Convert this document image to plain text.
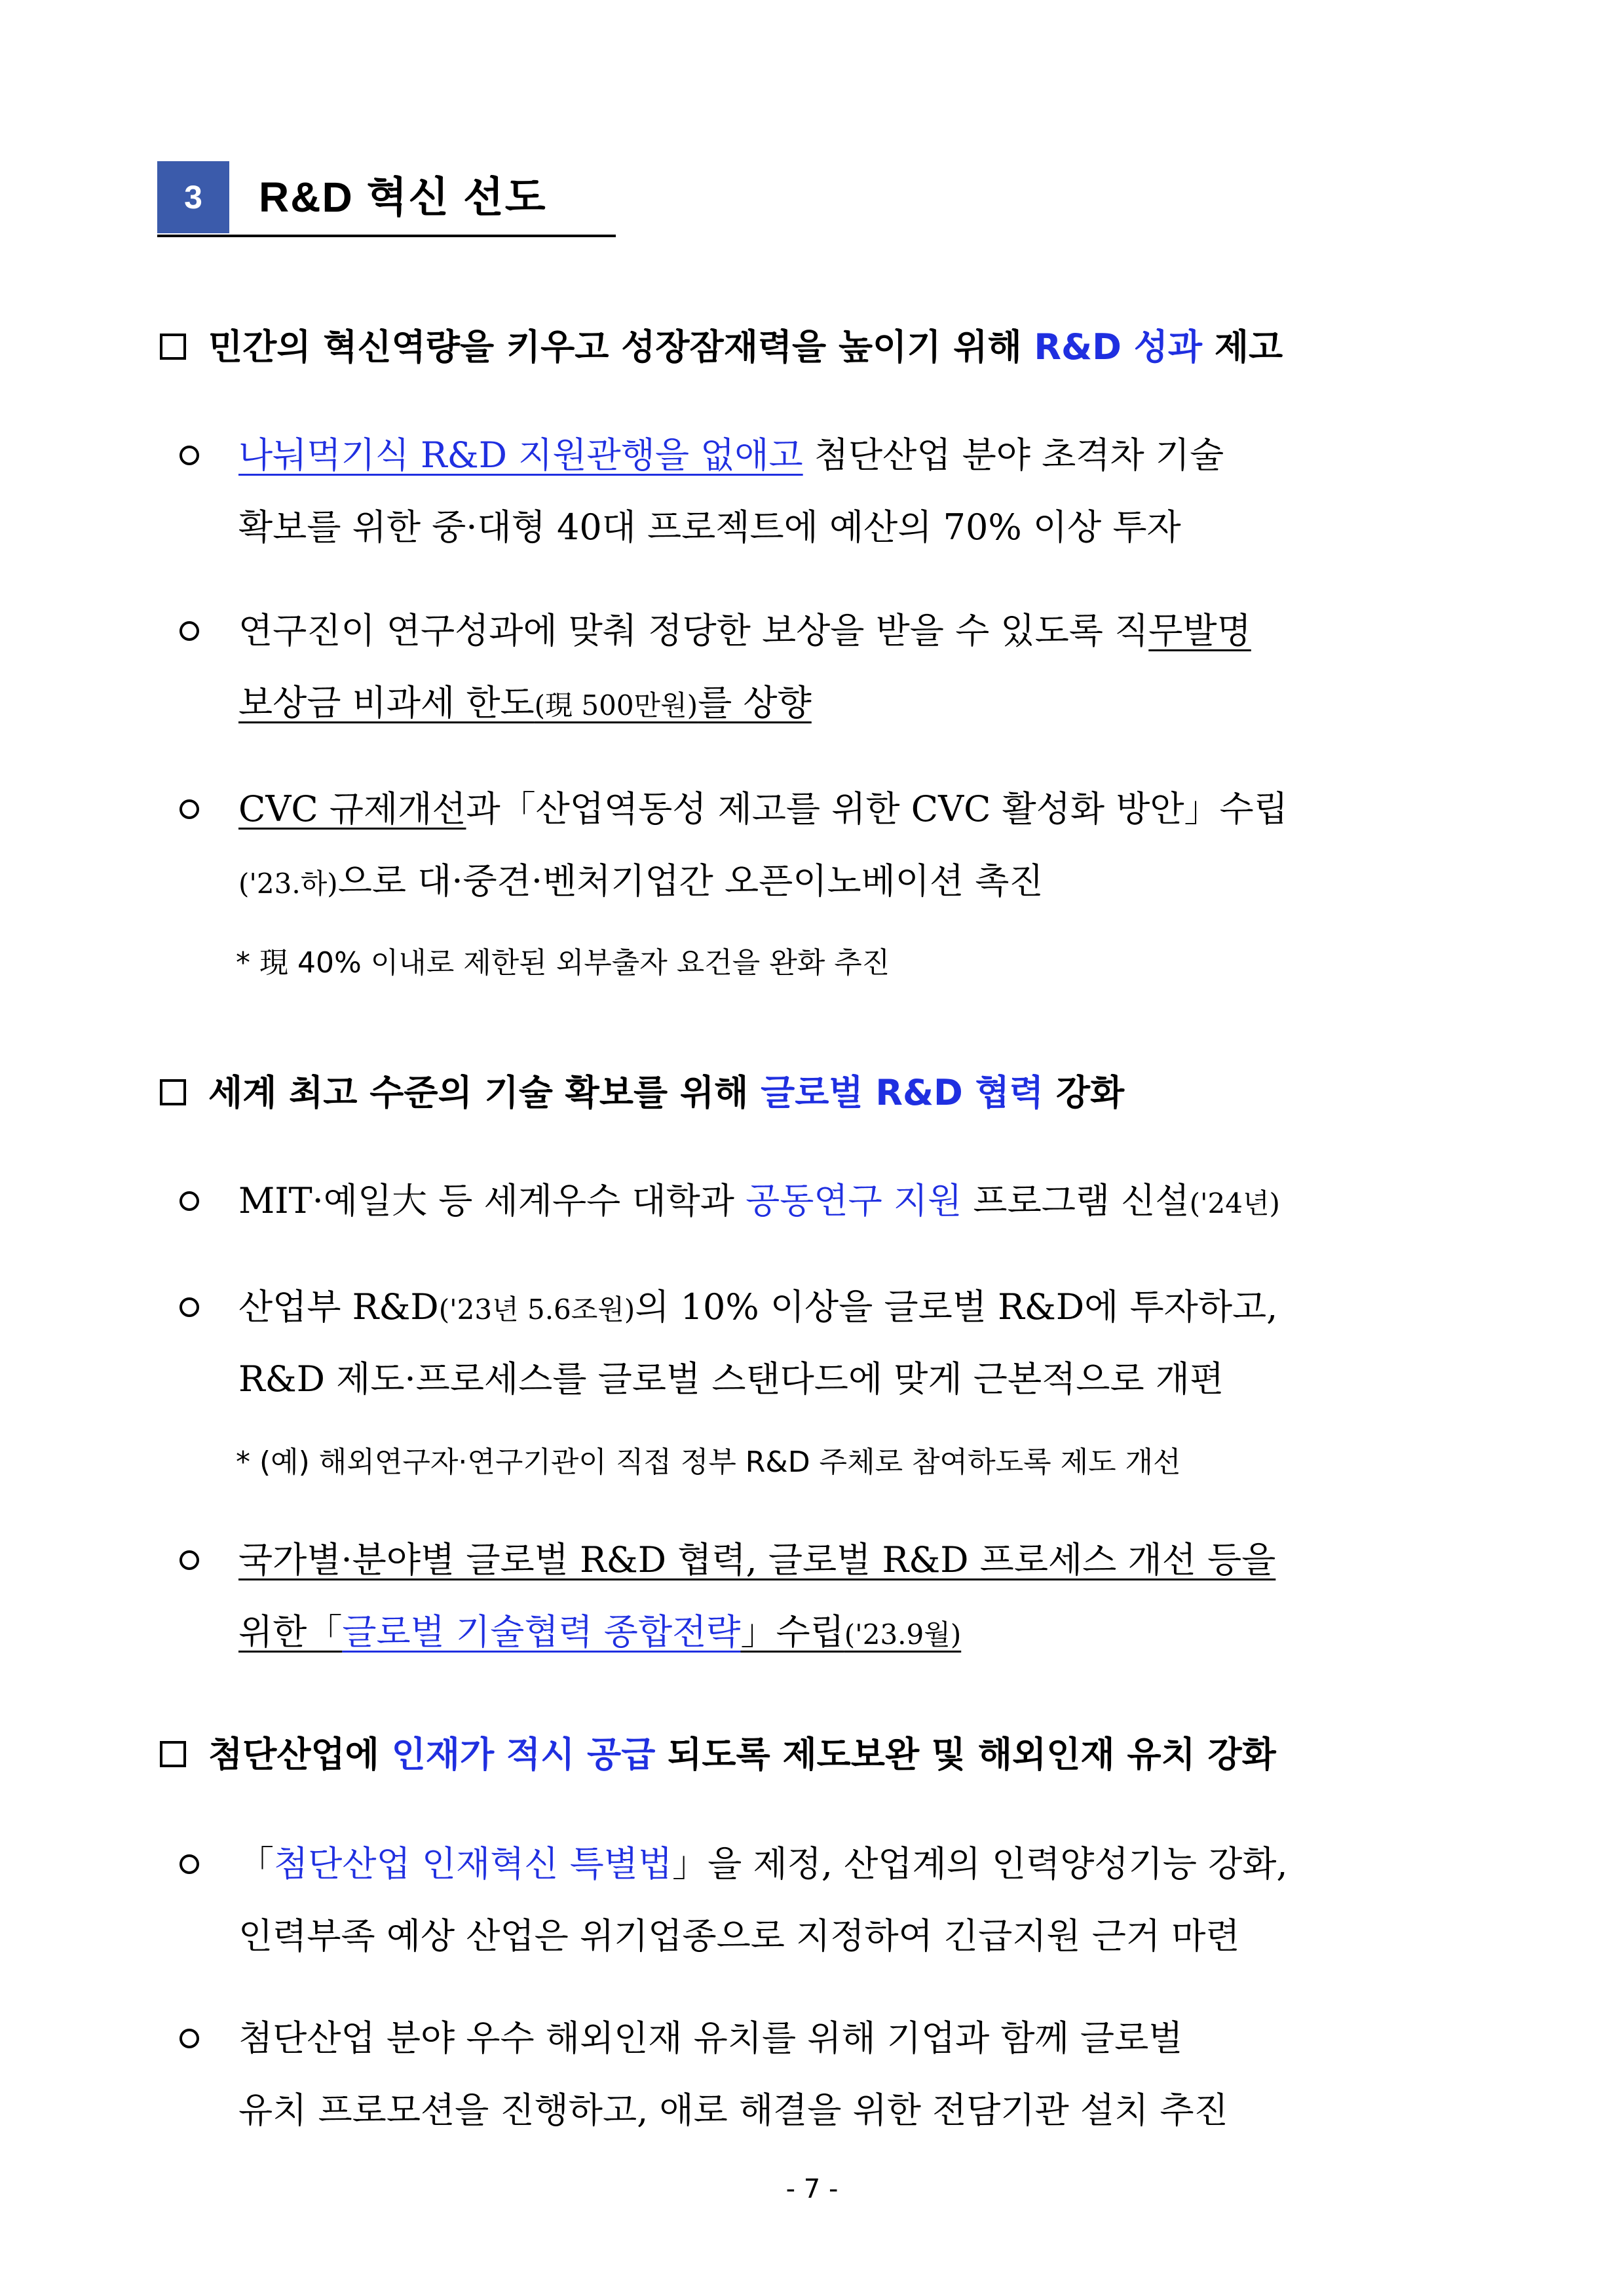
3	R&D 혁신 선도
민간의 혁신역량을 키우고 성장잠재력을 높이기 위해 R&D 성과 제고
나눠먹기식 R&D 지원관행을 없애고 첨단산업 분야 초격차 기술
확보를 위한 중·대형 40대 프로젝트에 예산의 70% 이상 투자
연구진이 연구성과에 맞춰 정당한 보상을 받을 수 있도록 직무발명
보상금 비과세 한도(現 500만원)를 상향
CVC 규제개선과「산업역동성 제고를 위한 CVC 활성화 방안」수립
('23.하)으로 대·중견·벤처기업간 오픈이노베이션 촉진
* 現 40% 이내로 제한된 외부출자 요건을 완화 추진
세계 최고 수준의 기술 확보를 위해 글로벌 R&D 협력 강화
MIT·예일大 등 세계우수 대학과 공동연구 지원 프로그램 신설('24년)
산업부 R&D('23년 5.6조원)의 10% 이상을 글로벌 R&D에 투자하고,
R&D 제도·프로세스를 글로벌 스탠다드에 맞게 근본적으로 개편
* (예) 해외연구자·연구기관이 직접 정부 R&D 주체로 참여하도록 제도 개선
국가별·분야별 글로벌 R&D 협력, 글로벌 R&D 프로세스 개선 등을
위한「글로벌 기술협력 종합전략」수립('23.9월)
첨단산업에 인재가 적시 공급 되도록 제도보완 및 해외인재 유치 강화
「첨단산업 인재혁신 특별법」을 제정, 산업계의 인력양성기능 강화,
인력부족 예상 산업은 위기업종으로 지정하여 긴급지원 근거 마련
첨단산업 분야 우수 해외인재 유치를 위해 기업과 함께 글로벌
유치 프로모션을 진행하고, 애로 해결을 위한 전담기관 설치 추진
- 7 -
